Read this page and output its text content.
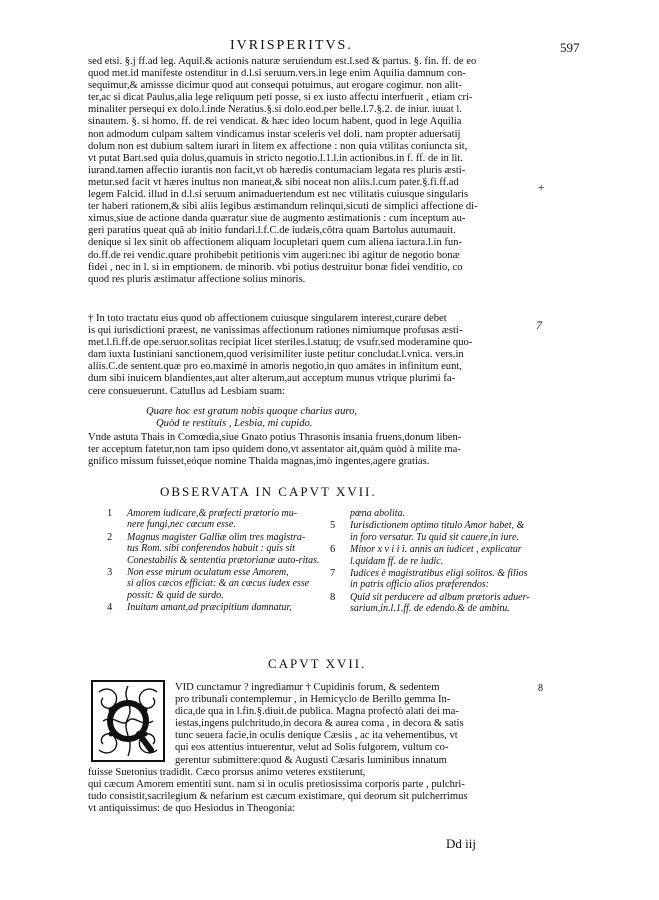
IVRISPERITVS.	597
sed etsi. §.j ff.ad leg. Aquil.& actionis naturæ seruiendum est.l.sed & partus. §. fin. ff. de eo
quod met.id manifeste ostenditur in d.l.si seruum.vers.in lege enim Aquilia damnum con-
sequimur,& amissse dicimur quod aut consequi potuimus, aut erogare cogimur. non alit-
ter,ac si dicat Paulus,alia lege reliquum peti posse, si ex iusto affectu interfuerit , etiam cri-
minaliter persequi ex dolo.l.inde Neratius.§.si dolo.eod.per belle.l.7.§.2. de iniur. iuuat l.
sinautem. §. si homo. ff. de rei vendicat. & hæc ideo locum habent, quod in lege Aquilia
non admodum culpam saltem vindicamus instar sceleris vel doli. nam propter aduersatij
dolum non est dubium saltem iurari in litem ex affectione : non quia vtilitas coniuncta sit,
vt putat Bart.sed quia dolus,quamuis in stricto negotio.l.1.l.in actionibus.in f. ff. de in lit.
iurand.tamen affectio iurantis non facit,vt ob hæredis contumaciam legata res pluris æsti-
metur.sed facit vt hæres inultus non maneat,& sibi noceat non aliis.l.cum pater.§.fi.ff.ad
legem Falcid. illud in d.l.si seruum animaduertendum est nec vtilitatis cuiusque singularis
ter haberi rationem,& sibi aliis legibus æstimandum relinqui,sicuti de simplici affectione di-
ximus,siue de actione danda quæratur siue de augmento æstimationis : cum inceptum au-
geri paratius queat quã ab initio fundari.l.f.C.de iudæis,cõtra quam Bartolus autumauit.
denique si lex sinit ob affectionem aliquam locupletari quem cum aliena iactura.l.in fun-
do.ff.de rei vendic.quare prohibebit petitionis vim augeri:nec ibi agitur de negotio bonæ
fidei , nec in l. si in emptionem. de minorib. vbi potius destruitur bonæ fidei venditio, co
quod res pluris æstimatur affectione solius minoris.
+
7
† In toto tractatu eius quod ob affectionem cuiusque singularem interest,curare debet
is qui iurisdictioni præest, ne vanissimas affectionum rationes nimiumque profusas æsti-
met.l.fi.ff.de ope.seruor.solitas recipiat licet steriles.l.statuq; de vsufr.sed moderamine quo-
dam iuxta Iustiniani sanctionem,quod verisimiliter iuste petitur concludat.l.vnica. vers.in
aliis.C.de sentent.quæ pro eo.maximè in amoris negotio,in quo amátes in infinitum eunt,
dum sibi inuicem blandientes,aut alter alterum,aut acceptum munus vtrique plurimi fa-
cere consueuerunt. Catullus ad Lesbiam suam:
Quare hoc est gratum nobis quoque charius auro,
Quòd te restituis , Lesbia, mi cupido.
Vnde astuta Thais in Comœdia,siue Gnato potius Thrasonis insania fruens,donum liben-
ter acceptum fatetur,non tam ipso quidem dono,vt assentator ait,quàm quòd à milite ma-
gnifico missum fuisset,eóque nomine Thaida magnas,imò ingentes,agere gratias.
OBSERVATA IN CAPVT XVII.
1 Amorem iudicare,& præfecti prætorio mu-
nere fungi,nec cæcum esse.
2 Magnus magister Galliæ olim tres magistra-
tus Rom. sibi conferendos habuit : quis sit Conestabilis & sententia prætorianæ auto-ritas.
3 Non esse mirum oculatum esse Amorem,
si alios cæcos efficiat: & an cæcus iudex esse possit: & quid de surdo.
4 Inuitam amant,ad præcipitium damnatur,
pœna abolita.
5 Iurisdictionem optimo titulo Amor habet, &
in foro versatur. Tu quid sit cauere,in iure.
6 Minor x v i i i. annis an iudicet , explicatur
l.quidam ff. de re iudic.
7 Iudices è magistratibus eligi solitos. & filios
in patris officio alios præferendos:
8 Quid sit perducere ad album prætoris aduer-
sarium,in.l.1.ff. de edendo.& de ambitu.
CAPVT XVII.
VID cunctamur ? ingrediamur † Cupidinis forum, & sedentem
pro tribunali contemplemur , in Hemicyclo de Berillo gemma In-
dica,de qua in l.fin.§.diuit.de publica. Magna profectò alati dei ma-
iestas,ingens pulchritudo,in decora & aurea coma , in decora & satis
tunc seuera facie,in oculis denique Cæsiis , ac ita vehementibus, vt
qui eos attentius intuerentur, velut ad Solis fulgorem, vultum co-
gerentur submittere:quod & Augusti Cæsaris luminibus innatum
8
fuisse Suetonius tradidit. Cæco prorsus animo veteres exstiterunt,
qui cæcum Amorem ementiti sunt. nam si in oculis pretiosissima corporis parte , pulchri-
tudo consistit,sacrilegium & nefarium est cæcum existimare, qui deorum sit pulcherrimus
vt antiquissimus: de quo Hesiodus in Theogonia:
Dd iij
